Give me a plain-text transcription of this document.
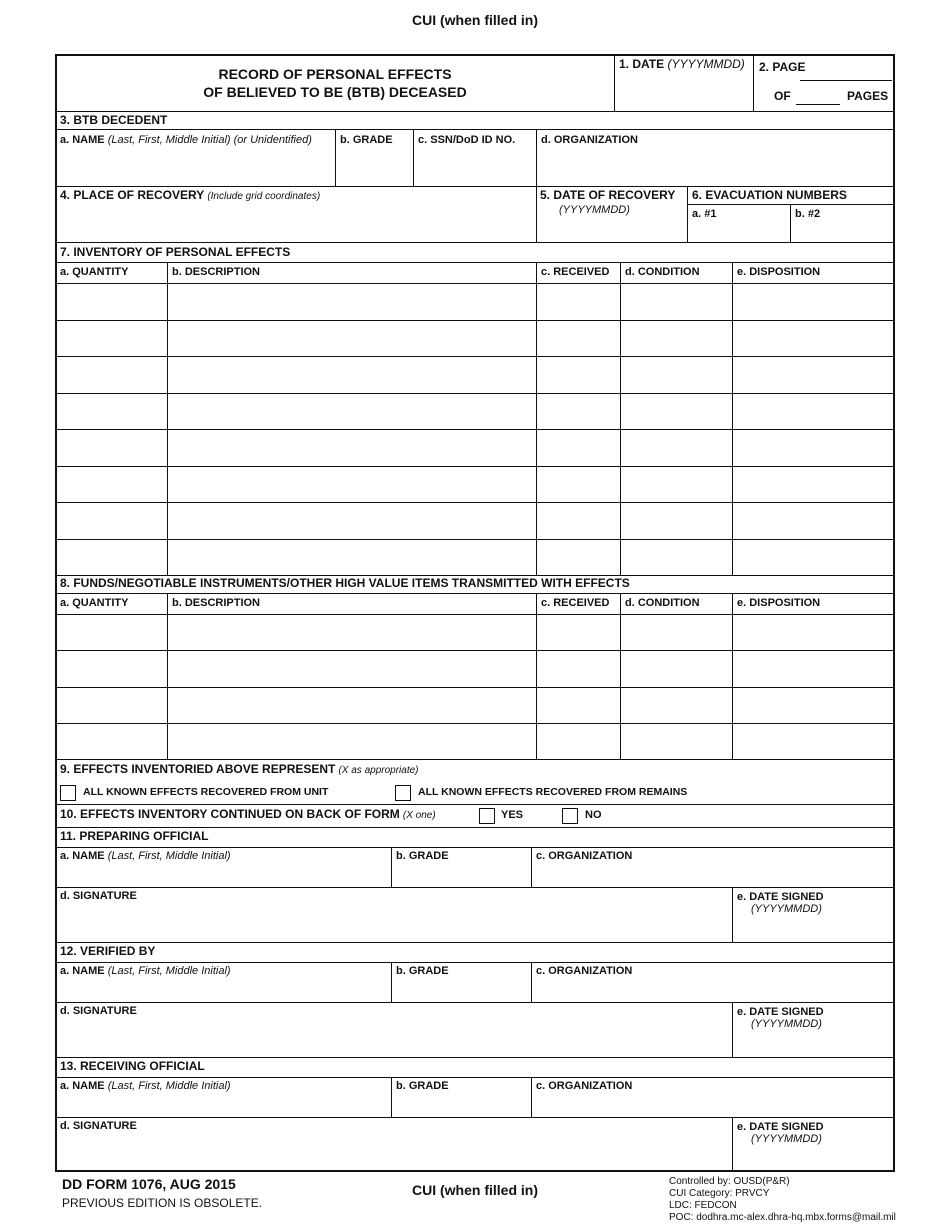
CUI (when filled in)
RECORD OF PERSONAL EFFECTS
OF BELIEVED TO BE (BTB) DECEASED
1. DATE (YYYYMMDD) 2. PAGE
OF	PAGES
3. BTB DECEDENT
a. NAME (Last, First, Middle Initial) (or Unidentified)	b. GRADE c. SSN/DoD ID NO. d. ORGANIZATION
4. PLACE OF RECOVERY (Include grid coordinates)	5. DATE OF RECOVERY
(YYYYMMDD)
6. EVACUATION NUMBERS
a. #1	b. #2
7. INVENTORY OF PERSONAL EFFECTS
a. QUANTITY	b. DESCRIPTION	c. RECEIVED d. CONDITION	e. DISPOSITION
8. FUNDS/NEGOTIABLE INSTRUMENTS/OTHER HIGH VALUE ITEMS TRANSMITTED WITH EFFECTS
a. QUANTITY	b. DESCRIPTION	c. RECEIVED d. CONDITION	e. DISPOSITION
9. EFFECTS INVENTORIED ABOVE REPRESENT (X as appropriate)
ALL KNOWN EFFECTS RECOVERED FROM UNIT	ALL KNOWN EFFECTS RECOVERED FROM REMAINS
10. EFFECTS INVENTORY CONTINUED ON BACK OF FORM (X one)	YES	NO
11. PREPARING OFFICIAL
a. NAME (Last, First, Middle Initial)	b. GRADE	c. ORGANIZATION
d. SIGNATURE	e. DATE SIGNED
(YYYYMMDD)
12. VERIFIED BY
a. NAME (Last, First, Middle Initial)	b. GRADE	c. ORGANIZATION
d. SIGNATURE	e. DATE SIGNED
(YYYYMMDD)
13. RECEIVING OFFICIAL
a. NAME (Last, First, Middle Initial)	b. GRADE	c. ORGANIZATION
d. SIGNATURE	e. DATE SIGNED
(YYYYMMDD)
DD FORM 1076, AUG 2015
PREVIOUS EDITION IS OBSOLETE.
CUI (when filled in)
Controlled by: OUSD(P&R)
CUI Category: PRVCY
LDC: FEDCON
POC: dodhra.mc-alex.dhra-hq.mbx.forms@mail.mil
